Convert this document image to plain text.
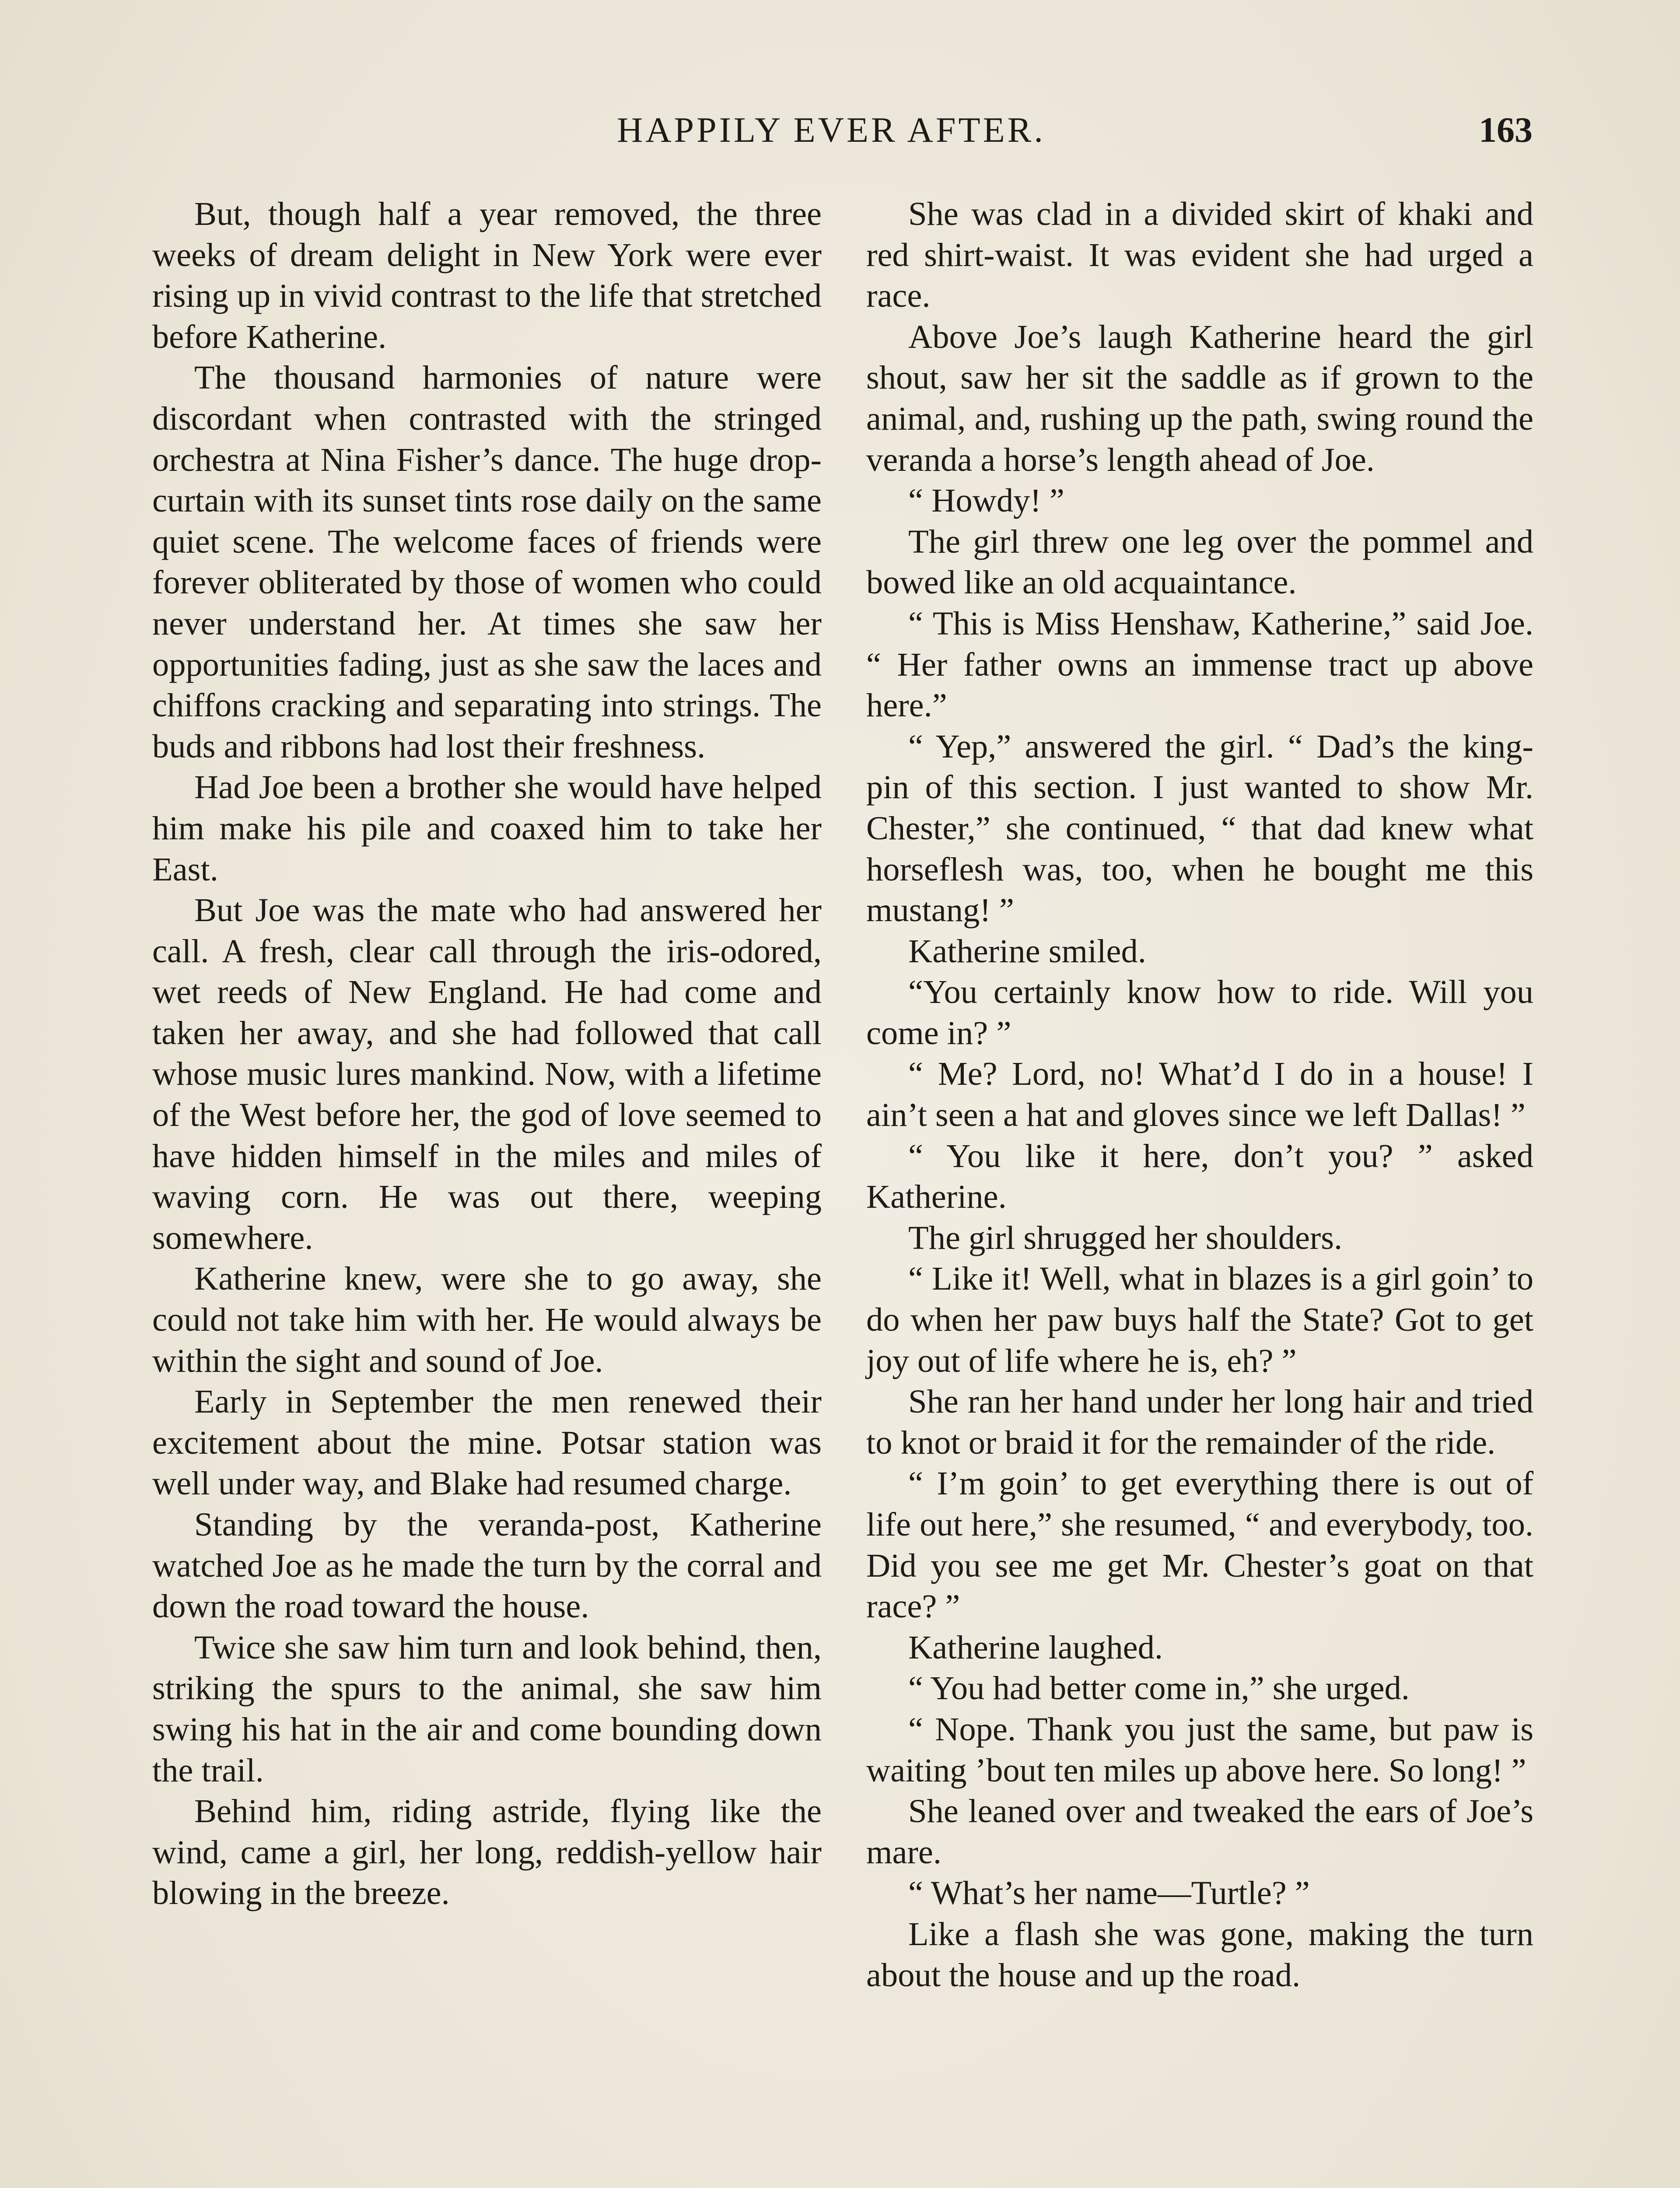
HAPPILY EVER AFTER.	163

But, though half a year removed, the three weeks of dream delight in New York were ever rising up in vivid contrast to the life that stretched before Katherine.

The thousand harmonies of nature were discordant when contrasted with the stringed orchestra at Nina Fisher’s dance. The huge drop-curtain with its sunset tints rose daily on the same quiet scene. The welcome faces of friends were forever obliterated by those of women who could never understand her. At times she saw her opportunities fading, just as she saw the laces and chiffons cracking and separating into strings. The buds and ribbons had lost their freshness.

Had Joe been a brother she would have helped him make his pile and coaxed him to take her East.

But Joe was the mate who had answered her call. A fresh, clear call through the iris-odored, wet reeds of New England. He had come and taken her away, and she had followed that call whose music lures mankind. Now, with a lifetime of the West before her, the god of love seemed to have hidden himself in the miles and miles of waving corn. He was out there, weeping somewhere.

Katherine knew, were she to go away, she could not take him with her. He would always be within the sight and sound of Joe.

Early in September the men renewed their excitement about the mine. Potsar station was well under way, and Blake had resumed charge.

Standing by the veranda-post, Katherine watched Joe as he made the turn by the corral and down the road toward the house.

Twice she saw him turn and look behind, then, striking the spurs to the animal, she saw him swing his hat in the air and come bounding down the trail.

Behind him, riding astride, flying like the wind, came a girl, her long, reddish-yellow hair blowing in the breeze.

She was clad in a divided skirt of khaki and red shirt-waist. It was evident she had urged a race.

Above Joe’s laugh Katherine heard the girl shout, saw her sit the saddle as if grown to the animal, and, rushing up the path, swing round the veranda a horse’s length ahead of Joe.

“ Howdy! ”

The girl threw one leg over the pommel and bowed like an old acquaintance.

“ This is Miss Henshaw, Katherine,” said Joe. “ Her father owns an immense tract up above here.”

“ Yep,” answered the girl. “ Dad’s the king-pin of this section. I just wanted to show Mr. Chester,” she continued, “ that dad knew what horseflesh was, too, when he bought me this mustang! ”

Katherine smiled.

“You certainly know how to ride. Will you come in? ”

“ Me? Lord, no! What’d I do in a house! I ain’t seen a hat and gloves since we left Dallas! ”

“ You like it here, don’t you? ” asked Katherine.

The girl shrugged her shoulders.

“ Like it! Well, what in blazes is a girl goin’ to do when her paw buys half the State? Got to get joy out of life where he is, eh? ”

She ran her hand under her long hair and tried to knot or braid it for the remainder of the ride.

“ I’m goin’ to get everything there is out of life out here,” she resumed, “ and everybody, too. Did you see me get Mr. Chester’s goat on that race? ”

Katherine laughed.

“ You had better come in,” she urged.

“ Nope. Thank you just the same, but paw is waiting ’bout ten miles up above here. So long! ”

She leaned over and tweaked the ears of Joe’s mare.

“ What’s her name—Turtle? ”

Like a flash she was gone, making the turn about the house and up the road.
